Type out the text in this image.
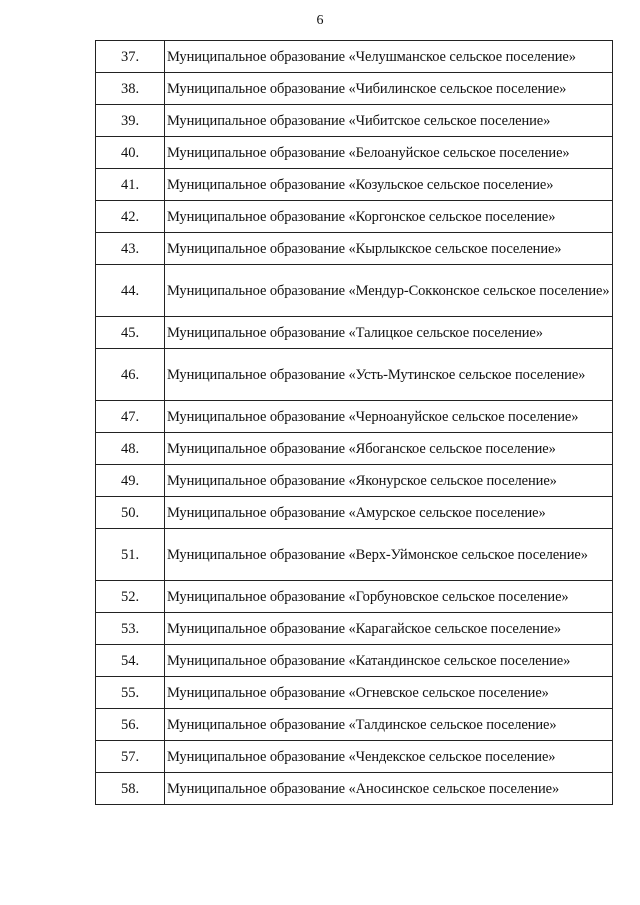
6
37.	Муниципальное образование «Челушманское сельское поселение»
38.	Муниципальное образование «Чибилинское сельское поселение»
39.	Муниципальное образование «Чибитское сельское поселение»
40.	Муниципальное образование «Белоануйское сельское поселение»
41.	Муниципальное образование «Козульское сельское поселение»
42.	Муниципальное образование «Коргонское сельское поселение»
43.	Муниципальное образование «Кырлыкское сельское поселение»
44.	Муниципальное образование «Мендур-Сокконское сельское поселение»
45.	Муниципальное образование «Талицкое сельское поселение»
46.	Муниципальное образование «Усть-Мутинское сельское поселение»
47.	Муниципальное образование «Черноануйское сельское поселение»
48.	Муниципальное образование «Ябоганское сельское поселение»
49.	Муниципальное образование «Яконурское сельское поселение»
50.	Муниципальное образование «Амурское сельское поселение»
51.	Муниципальное образование «Верх-Уймонское сельское поселение»
52.	Муниципальное образование «Горбуновское сельское поселение»
53.	Муниципальное образование «Карагайское сельское поселение»
54.	Муниципальное образование «Катандинское сельское поселение»
55.	Муниципальное образование «Огневское сельское поселение»
56.	Муниципальное образование «Талдинское сельское поселение»
57.	Муниципальное образование «Чендекское сельское поселение»
58.	Муниципальное образование «Аносинское сельское поселение»
